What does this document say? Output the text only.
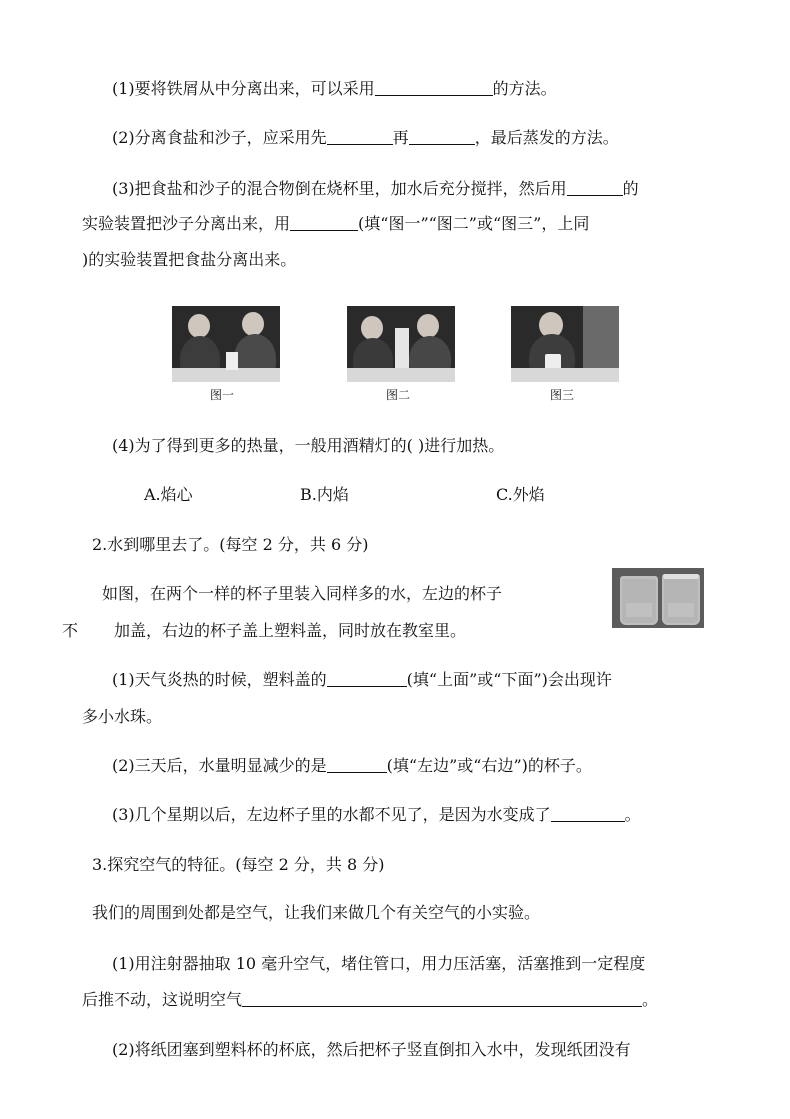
(1)要将铁屑从中分离出来，可以采用	的方法。
(2)分离食盐和沙子，应采用先	再	，最后蒸发的方法。
(3)把食盐和沙子的混合物倒在烧杯里，加水后充分搅拌，然后用	的
实验装置把沙子分离出来，用	(填“图一”“图二”或“图三”，上同
)的实验装置把食盐分离出来。
图一	图二	图三
(4)为了得到更多的热量，一般用酒精灯的( )进行加热。
A.焰心	B.内焰	C.外焰
2.水到哪里去了。(每空 2 分，共 6 分)
如图，在两个一样的杯子里装入同样多的水，左边的杯子
不 加盖，右边的杯子盖上塑料盖，同时放在教室里。
(1)天气炎热的时候，塑料盖的	(填“上面”或“下面”)会出现许
多小水珠。
(2)三天后，水量明显减少的是	(填“左边”或“右边”)的杯子。
(3)几个星期以后，左边杯子里的水都不见了，是因为水变成了	。
3.探究空气的特征。(每空 2 分，共 8 分)
我们的周围到处都是空气，让我们来做几个有关空气的小实验。
(1)用注射器抽取 10 毫升空气，堵住管口，用力压活塞，活塞推到一定程度
后推不动，这说明空气	。
(2)将纸团塞到塑料杯的杯底，然后把杯子竖直倒扣入水中，发现纸团没有
